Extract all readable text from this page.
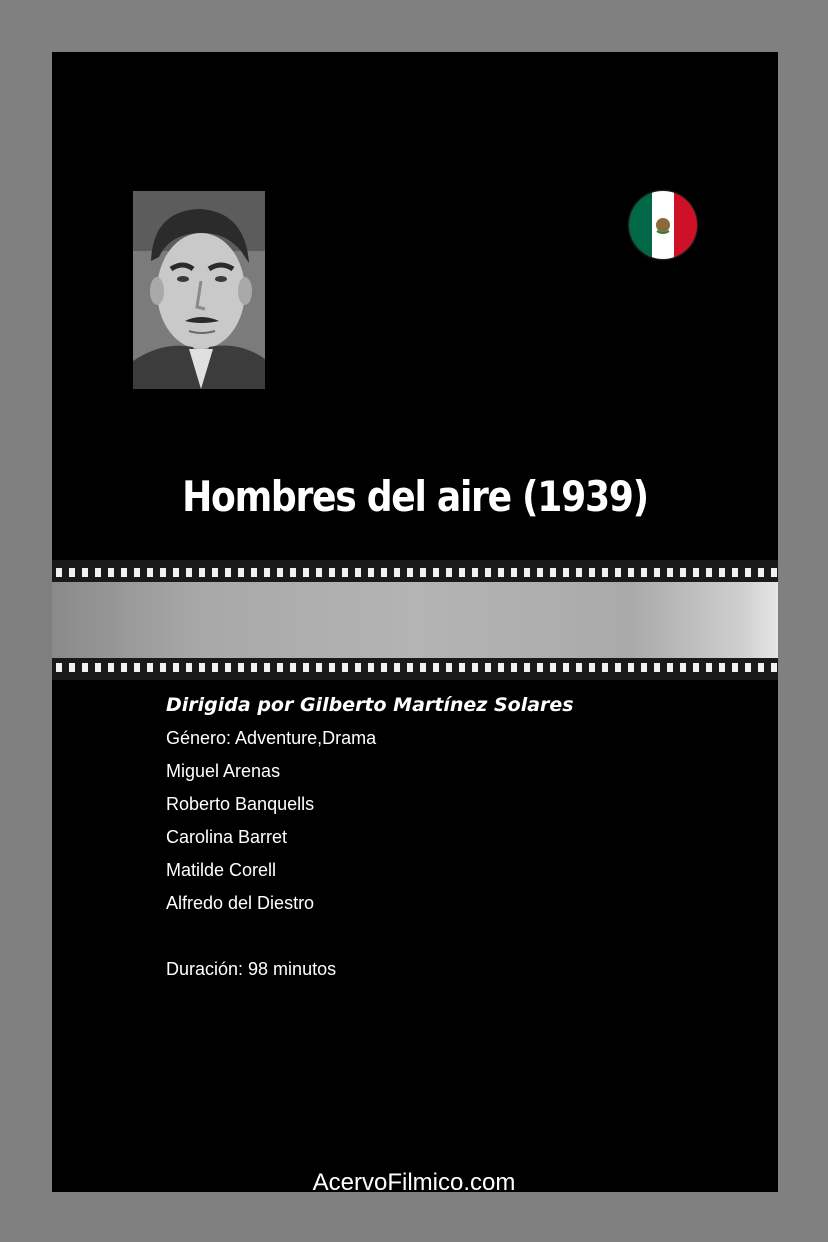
Hombres del aire (1939)
Dirigida por Gilberto Martínez Solares
Género: Adventure,Drama
Miguel Arenas
Roberto Banquells
Carolina Barret
Matilde Corell
Alfredo del Diestro
Duración: 98 minutos
AcervoFilmico.com
